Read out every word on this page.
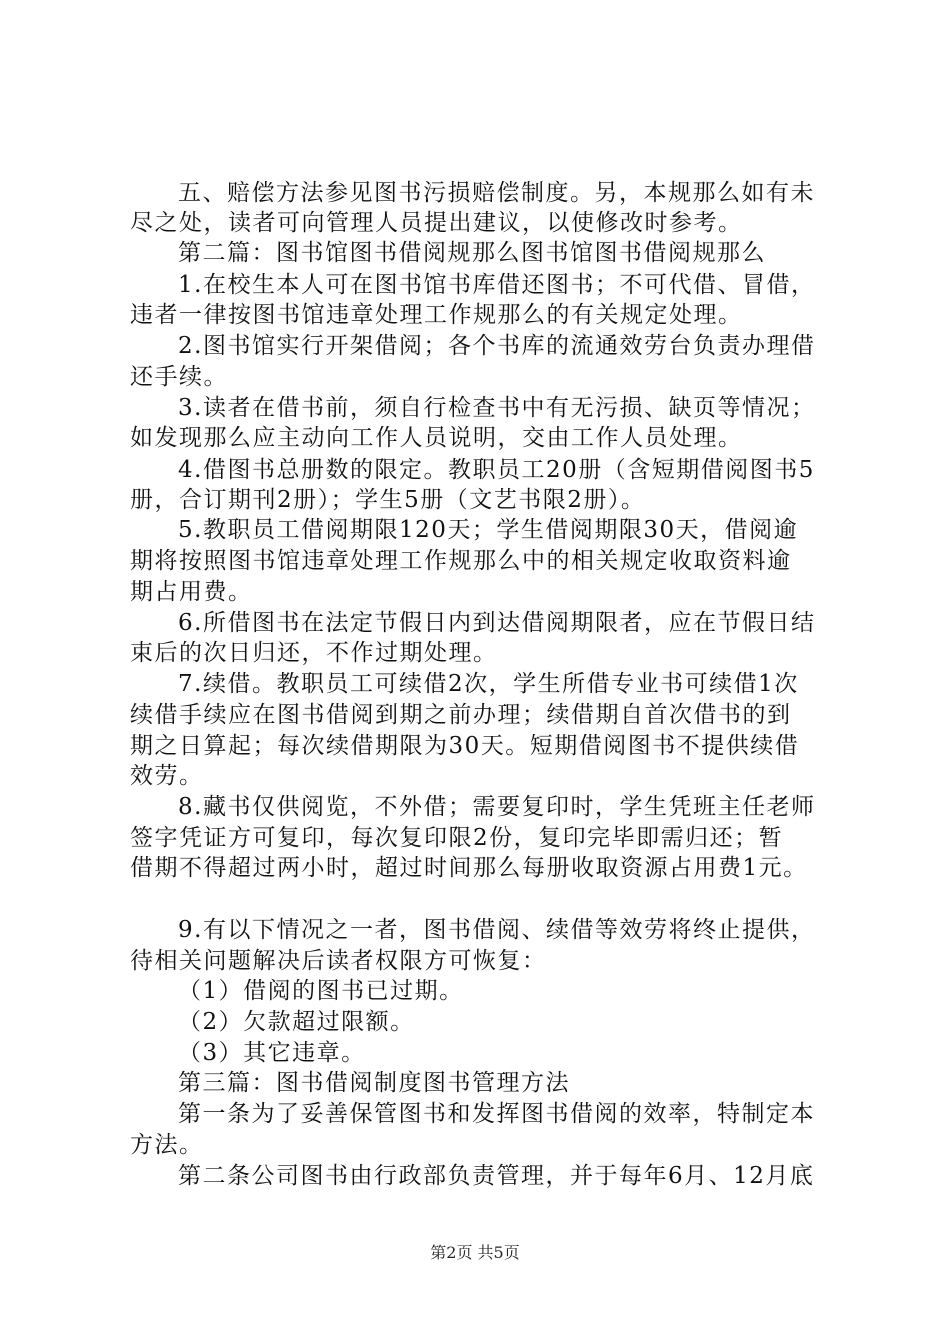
五、赔偿方法参见图书污损赔偿制度。另，本规那么如有未
尽之处，读者可向管理人员提出建议，以使修改时参考。
第二篇：图书馆图书借阅规那么图书馆图书借阅规那么
1.在校生本人可在图书馆书库借还图书；不可代借、冒借，
违者一律按图书馆违章处理工作规那么的有关规定处理。
2.图书馆实行开架借阅；各个书库的流通效劳台负责办理借
还手续。
3.读者在借书前，须自行检查书中有无污损、缺页等情况；
如发现那么应主动向工作人员说明，交由工作人员处理。
4.借图书总册数的限定。教职员工20册（含短期借阅图书5
册，合订期刊2册）；学生5册（文艺书限2册）。
5.教职员工借阅期限120天；学生借阅期限30天，借阅逾
期将按照图书馆违章处理工作规那么中的相关规定收取资料逾
期占用费。
6.所借图书在法定节假日内到达借阅期限者，应在节假日结
束后的次日归还，不作过期处理。
7.续借。教职员工可续借2次，学生所借专业书可续借1次
续借手续应在图书借阅到期之前办理；续借期自首次借书的到
期之日算起；每次续借期限为30天。短期借阅图书不提供续借
效劳。
8.藏书仅供阅览，不外借；需要复印时，学生凭班主任老师
签字凭证方可复印，每次复印限2份，复印完毕即需归还；暂
借期不得超过两小时，超过时间那么每册收取资源占用费1元。
9.有以下情况之一者，图书借阅、续借等效劳将终止提供，
待相关问题解决后读者权限方可恢复：
（1）借阅的图书已过期。
（2）欠款超过限额。
（3）其它违章。
第三篇：图书借阅制度图书管理方法
第一条为了妥善保管图书和发挥图书借阅的效率，特制定本
方法。
第二条公司图书由行政部负责管理，并于每年6月、12月底
第2页 共5页
